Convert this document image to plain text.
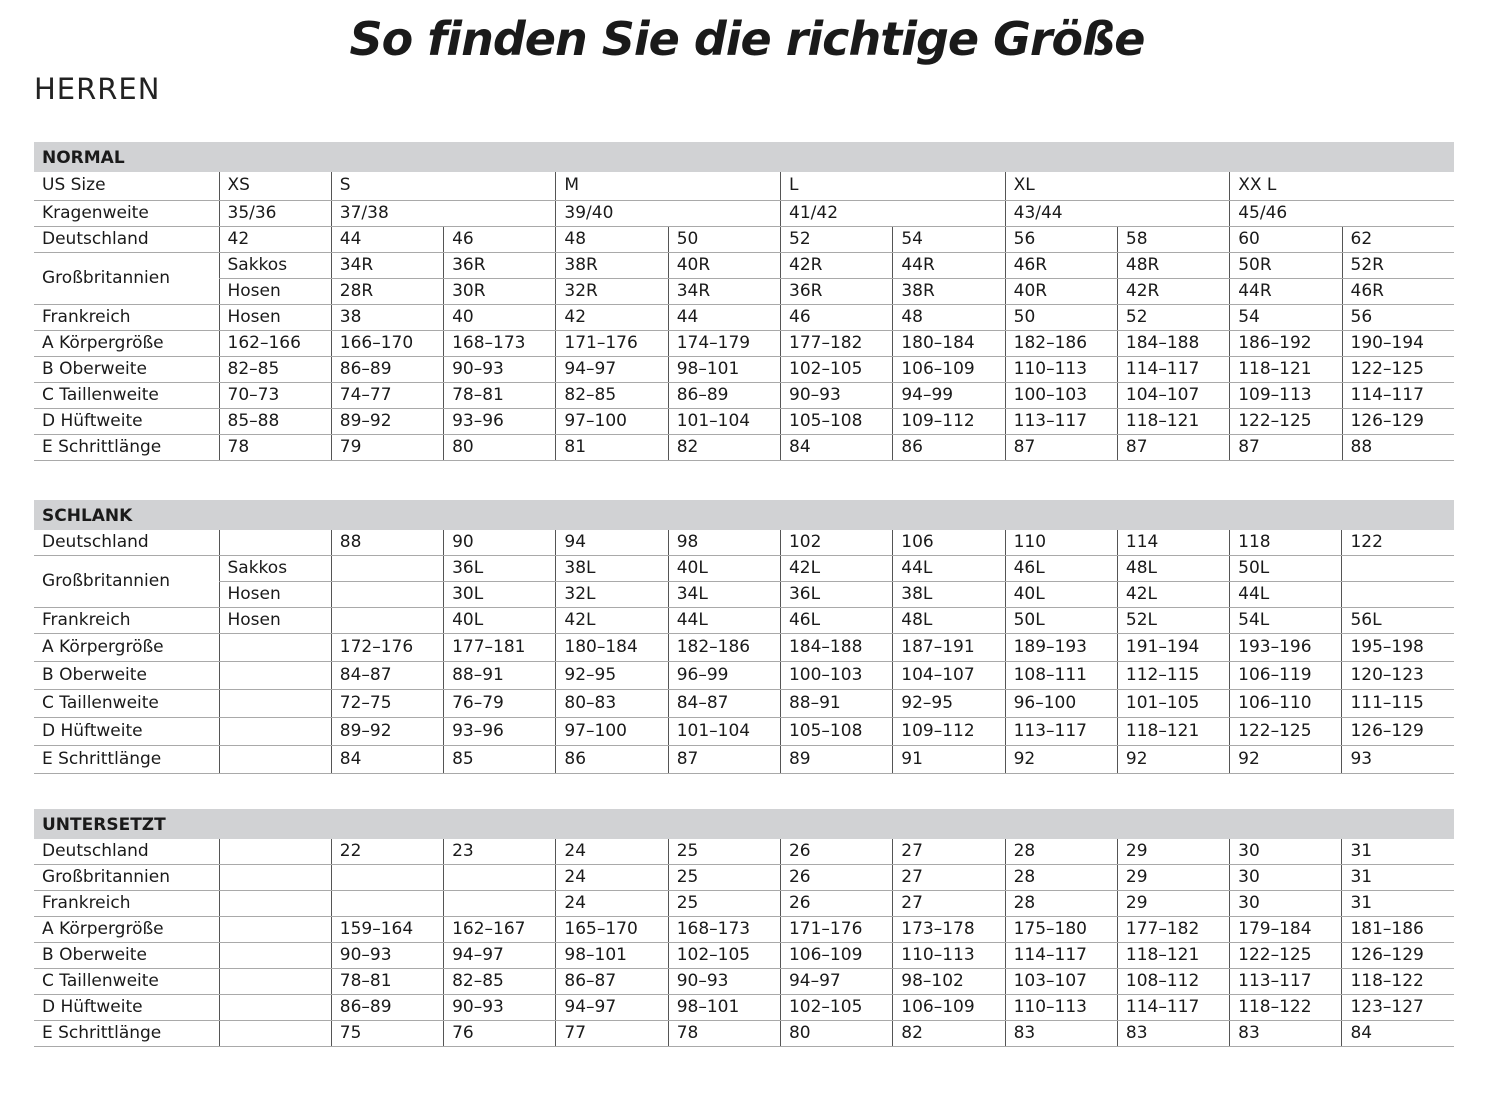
So finden Sie die richtige Größe
HERREN
NORMAL
US Size	XS	S		M		L		XL		XX L	
Kragenweite	35/36	37/38		39/40		41/42		43/44		45/46	
Deutschland	42	44	46	48	50	52	54	56	58	60	62
Großbritannien	Sakkos	34R	36R	38R	40R	42R	44R	46R	48R	50R	52R
	Hosen	28R	30R	32R	34R	36R	38R	40R	42R	44R	46R
Frankreich	Hosen	38	40	42	44	46	48	50	52	54	56
A Körpergröße	162–166	166–170	168–173	171–176	174–179	177–182	180–184	182–186	184–188	186–192	190–194
B Oberweite	82–85	86–89	90–93	94–97	98–101	102–105	106–109	110–113	114–117	118–121	122–125
C Taillenweite	70–73	74–77	78–81	82–85	86–89	90–93	94–99	100–103	104–107	109–113	114–117
D Hüftweite	85–88	89–92	93–96	97–100	101–104	105–108	109–112	113–117	118–121	122–125	126–129
E Schrittlänge	78	79	80	81	82	84	86	87	87	87	88
SCHLANK
Deutschland		88	90	94	98	102	106	110	114	118	122
Großbritannien	Sakkos		36L	38L	40L	42L	44L	46L	48L	50L	
	Hosen		30L	32L	34L	36L	38L	40L	42L	44L	
Frankreich	Hosen		40L	42L	44L	46L	48L	50L	52L	54L	56L
A Körpergröße		172–176	177–181	180–184	182–186	184–188	187–191	189–193	191–194	193–196	195–198
B Oberweite		84–87	88–91	92–95	96–99	100–103	104–107	108–111	112–115	106–119	120–123
C Taillenweite		72–75	76–79	80–83	84–87	88–91	92–95	96–100	101–105	106–110	111–115
D Hüftweite		89–92	93–96	97–100	101–104	105–108	109–112	113–117	118–121	122–125	126–129
E Schrittlänge		84	85	86	87	89	91	92	92	92	93
UNTERSETZT
Deutschland		22	23	24	25	26	27	28	29	30	31
Großbritannien				24	25	26	27	28	29	30	31
Frankreich				24	25	26	27	28	29	30	31
A Körpergröße		159–164	162–167	165–170	168–173	171–176	173–178	175–180	177–182	179–184	181–186
B Oberweite		90–93	94–97	98–101	102–105	106–109	110–113	114–117	118–121	122–125	126–129
C Taillenweite		78–81	82–85	86–87	90–93	94–97	98–102	103–107	108–112	113–117	118–122
D Hüftweite		86–89	90–93	94–97	98–101	102–105	106–109	110–113	114–117	118–122	123–127
E Schrittlänge		75	76	77	78	80	82	83	83	83	84
